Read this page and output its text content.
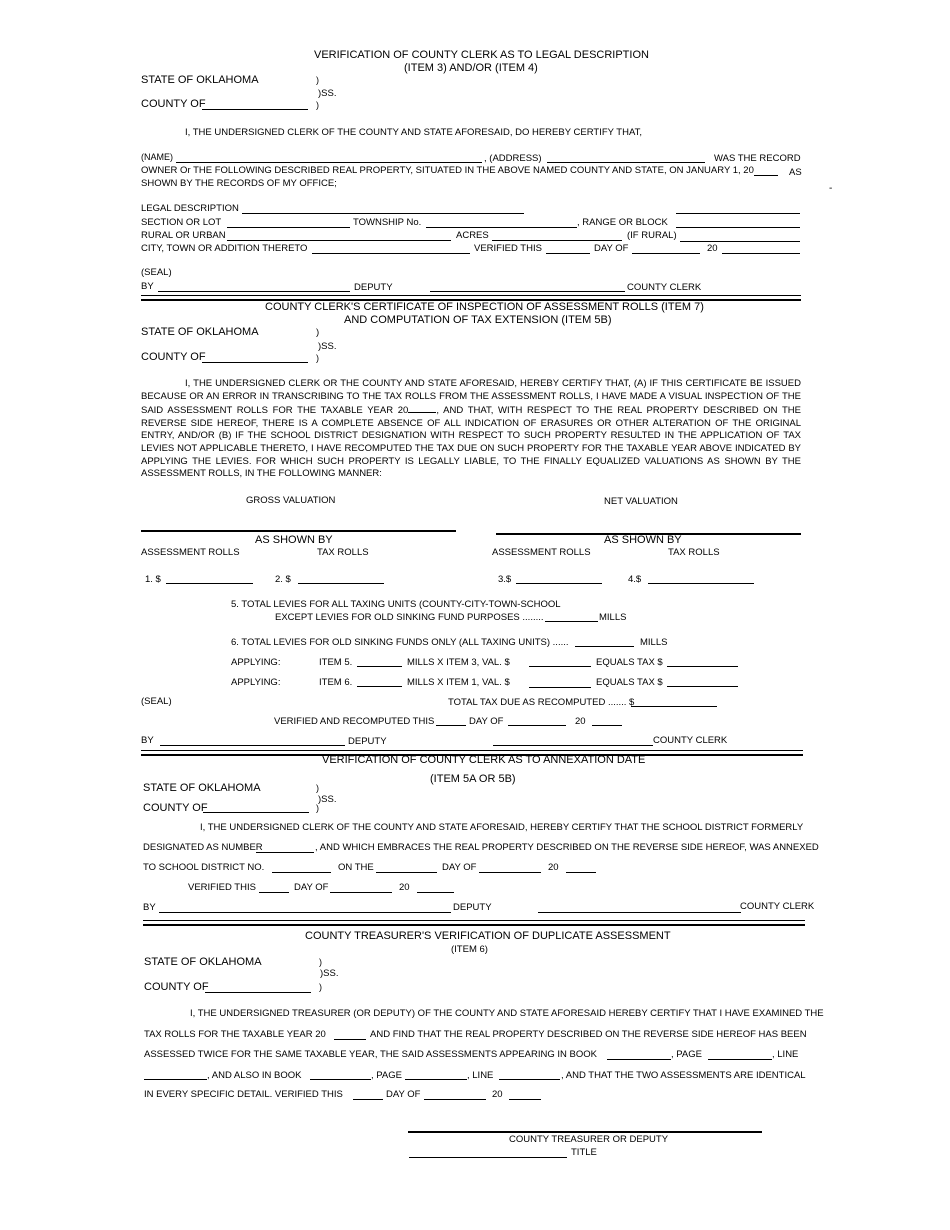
VERIFICATION OF COUNTY CLERK AS TO LEGAL DESCRIPTION
(ITEM 3) AND/OR (ITEM 4)
STATE OF OKLAHOMA	)
)SS.
COUNTY OF	)
I, THE UNDERSIGNED CLERK OF THE COUNTY AND STATE AFORESAID, DO HEREBY CERTIFY THAT,
(NAME)	, (ADDRESS)	WAS THE RECORD
OWNER Or THE FOLLOWING DESCRIBED REAL PROPERTY, SITUATED IN THE ABOVE NAMED COUNTY AND STATE, ON JANUARY 1, 20	AS
SHOWN BY THE RECORDS OF MY OFFICE;
LEGAL DESCRIPTION
SECTION OR LOT	TOWNSHIP No.	, RANGE OR BLOCK
RURAL OR URBAN	ACRES	(IF RURAL)
CITY, TOWN OR ADDITION THERETO	VERIFIED THIS	DAY OF	20
(SEAL)
BY	DEPUTY	COUNTY CLERK
COUNTY CLERK'S CERTIFICATE OF INSPECTION OF ASSESSMENT ROLLS (ITEM 7)
AND COMPUTATION OF TAX EXTENSION (ITEM 5B)
STATE OF OKLAHOMA	)
)SS.
COUNTY OF	)
I, THE UNDERSIGNED CLERK OR THE COUNTY AND STATE AFORESAID, HEREBY CERTIFY THAT, (A) IF THIS CERTIFICATE BE ISSUED BECAUSE OR AN ERROR IN TRANSCRIBING TO THE TAX ROLLS FROM THE ASSESSMENT ROLLS, I HAVE MADE A VISUAL INSPECTION OF THE SAID ASSESSMENT ROLLS FOR THE TAXABLE YEAR 20	, AND THAT, WITH RESPECT TO THE REAL PROPERTY DESCRIBED ON THE REVERSE SIDE HEREOF, THERE IS A COMPLETE ABSENCE OF ALL INDICATION OF ERASURES OR OTHER ALTERATION OF THE ORIGINAL ENTRY, AND/OR (B) IF THE SCHOOL DISTRICT DESIGNATION WITH RESPECT TO SUCH PROPERTY RESULTED IN THE APPLICATION OF TAX LEVIES NOT APPLICABLE THERETO, I HAVE RECOMPUTED THE TAX DUE ON SUCH PROPERTY FOR THE TAXABLE YEAR ABOVE INDICATED BY APPLYING THE LEVIES. FOR WHICH SUCH PROPERTY IS LEGALLY LIABLE, TO THE FINALLY EQUALIZED VALUATIONS AS SHOWN BY THE ASSESSMENT ROLLS, IN THE FOLLOWING MANNER:
GROSS VALUATION	NET VALUATION
AS SHOWN BY	AS SHOWN BY
ASSESSMENT ROLLS	TAX ROLLS	ASSESSMENT ROLLS	TAX ROLLS
1. $	2. $	3.$	4.$
5. TOTAL LEVIES FOR ALL TAXING UNITS (COUNTY-CITY-TOWN-SCHOOL
EXCEPT LEVIES FOR OLD SINKING FUND PURPOSES ........	MILLS
6. TOTAL LEVIES FOR OLD SINKING FUNDS ONLY (ALL TAXING UNITS) ......	MILLS
APPLYING:	ITEM 5.	MILLS X ITEM 3, VAL. $	EQUALS TAX $
APPLYING:	ITEM 6.	MILLS X ITEM 1, VAL. $	EQUALS TAX $
(SEAL)	TOTAL TAX DUE AS RECOMPUTED ....... $
VERIFIED AND RECOMPUTED THIS	DAY OF	20
BY	DEPUTY	COUNTY CLERK
VERIFICATION OF COUNTY CLERK AS TO ANNEXATION DATE
(ITEM 5A OR 5B)
STATE OF OKLAHOMA	)
)SS.
COUNTY OF	)
I, THE UNDERSIGNED CLERK OF THE COUNTY AND STATE AFORESAID, HEREBY CERTIFY THAT THE SCHOOL DISTRICT FORMERLY
DESIGNATED AS NUMBER	, AND WHICH EMBRACES THE REAL PROPERTY DESCRIBED ON THE REVERSE SIDE HEREOF, WAS ANNEXED
TO SCHOOL DISTRICT NO.	ON THE	DAY OF	20
VERIFIED THIS	DAY OF	20
BY	DEPUTY	COUNTY CLERK
COUNTY TREASURER'S VERIFICATION OF DUPLICATE ASSESSMENT
(ITEM 6)
STATE OF OKLAHOMA	)
)SS.
COUNTY OF	)
I, THE UNDERSIGNED TREASURER (OR DEPUTY) OF THE COUNTY AND STATE AFORESAID HEREBY CERTIFY THAT I HAVE EXAMINED THE
TAX ROLLS FOR THE TAXABLE YEAR 20	AND FIND THAT THE REAL PROPERTY DESCRIBED ON THE REVERSE SIDE HEREOF HAS BEEN
ASSESSED TWICE FOR THE SAME TAXABLE YEAR, THE SAID ASSESSMENTS APPEARING IN BOOK	, PAGE	, LINE
, AND ALSO IN BOOK	, PAGE	, LINE	, AND THAT THE TWO ASSESSMENTS ARE IDENTICAL
IN EVERY SPECIFIC DETAIL. VERIFIED THIS	DAY OF	20
COUNTY TREASURER OR DEPUTY
TITLE
-
